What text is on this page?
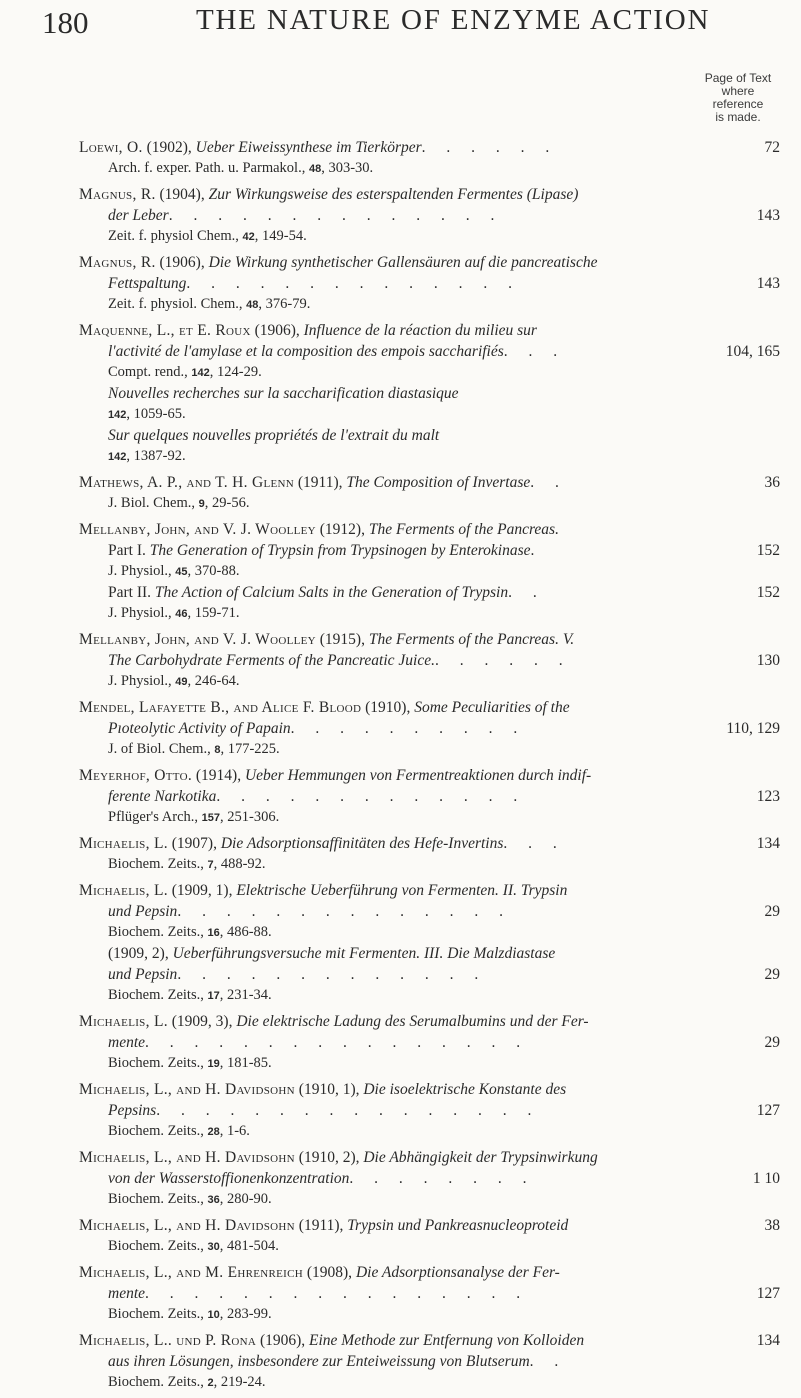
180	THE NATURE OF ENZYME ACTION
Page of Text
where
reference
is made.
Loewi, O. (1902), Ueber Eiweissynthese im Tierkörper. . . . . .	72
Arch. f. exper. Path. u. Parmakol., 48, 303-30.
Magnus, R. (1904), Zur Wirkungsweise des esterspaltenden Fermentes (Lipase)
der Leber. . . . . . . . . . . . . .	143
Zeit. f. physiol Chem., 42, 149-54.
Magnus, R. (1906), Die Wirkung synthetischer Gallensäuren auf die pancreatische
Fettspaltung. . . . . . . . . . . . . .	143
Zeit. f. physiol. Chem., 48, 376-79.
Maquenne, L., et E. Roux (1906), Influence de la réaction du milieu sur
l'activité de l'amylase et la composition des empois saccharifiés. . .	104, 165
Compt. rend., 142, 124-29.
Nouvelles recherches sur la saccharification diastasique
142, 1059-65.
Sur quelques nouvelles propriétés de l'extrait du malt
142, 1387-92.
Mathews, A. P., and T. H. Glenn (1911), The Composition of Invertase. .	36
J. Biol. Chem., 9, 29-56.
Mellanby, John, and V. J. Woolley (1912), The Ferments of the Pancreas.
Part I. The Generation of Trypsin from Trypsinogen by Enterokinase.	152
J. Physiol., 45, 370-88.
Part II. The Action of Calcium Salts in the Generation of Trypsin. .	152
J. Physiol., 46, 159-71.
Mellanby, John, and V. J. Woolley (1915), The Ferments of the Pancreas. V.
The Carbohydrate Ferments of the Pancreatic Juice.. . . . . .	130
J. Physiol., 49, 246-64.
Mendel, Lafayette B., and Alice F. Blood (1910), Some Peculiarities of the
Pıoteolytic Activity of Papain. . . . . . . . . .	110, 129
J. of Biol. Chem., 8, 177-225.
Meyerhof, Otto. (1914), Ueber Hemmungen von Fermentreaktionen durch indif-
ferente Narkotika. . . . . . . . . . . . .	123
Pflüger's Arch., 157, 251-306.
Michaelis, L. (1907), Die Adsorptionsaffinitäten des Hefe-Invertins. . .	134
Biochem. Zeits., 7, 488-92.
Michaelis, L. (1909, 1), Elektrische Ueberführung von Fermenten. II. Trypsin
und Pepsin. . . . . . . . . . . . . .	29
Biochem. Zeits., 16, 486-88.
(1909, 2), Ueberführungsversuche mit Fermenten. III. Die Malzdiastase
und Pepsin. . . . . . . . . . . . .	29
Biochem. Zeits., 17, 231-34.
Michaelis, L. (1909, 3), Die elektrische Ladung des Serumalbumins und der Fer-
mente. . . . . . . . . . . . . . . .	29
Biochem. Zeits., 19, 181-85.
Michaelis, L., and H. Davidsohn (1910, 1), Die isoelektrische Konstante des
Pepsins. . . . . . . . . . . . . . . .	127
Biochem. Zeits., 28, 1-6.
Michaelis, L., and H. Davidsohn (1910, 2), Die Abhängigkeit der Trypsinwirkung
von der Wasserstoffionenkonzentration. . . . . . . .	1 10
Biochem. Zeits., 36, 280-90.
Michaelis, L., and H. Davidsohn (1911), Trypsin und Pankreasnucleoproteid	38
Biochem. Zeits., 30, 481-504.
Michaelis, L., and M. Ehrenreich (1908), Die Adsorptionsanalyse der Fer-
mente. . . . . . . . . . . . . . . .	127
Biochem. Zeits., 10, 283-99.
Michaelis, L.. und P. Rona (1906), Eine Methode zur Entfernung von Kolloiden	134
aus ihren Lösungen, insbesondere zur Enteiweissung von Blutserum. .
Biochem. Zeits., 2, 219-24.
